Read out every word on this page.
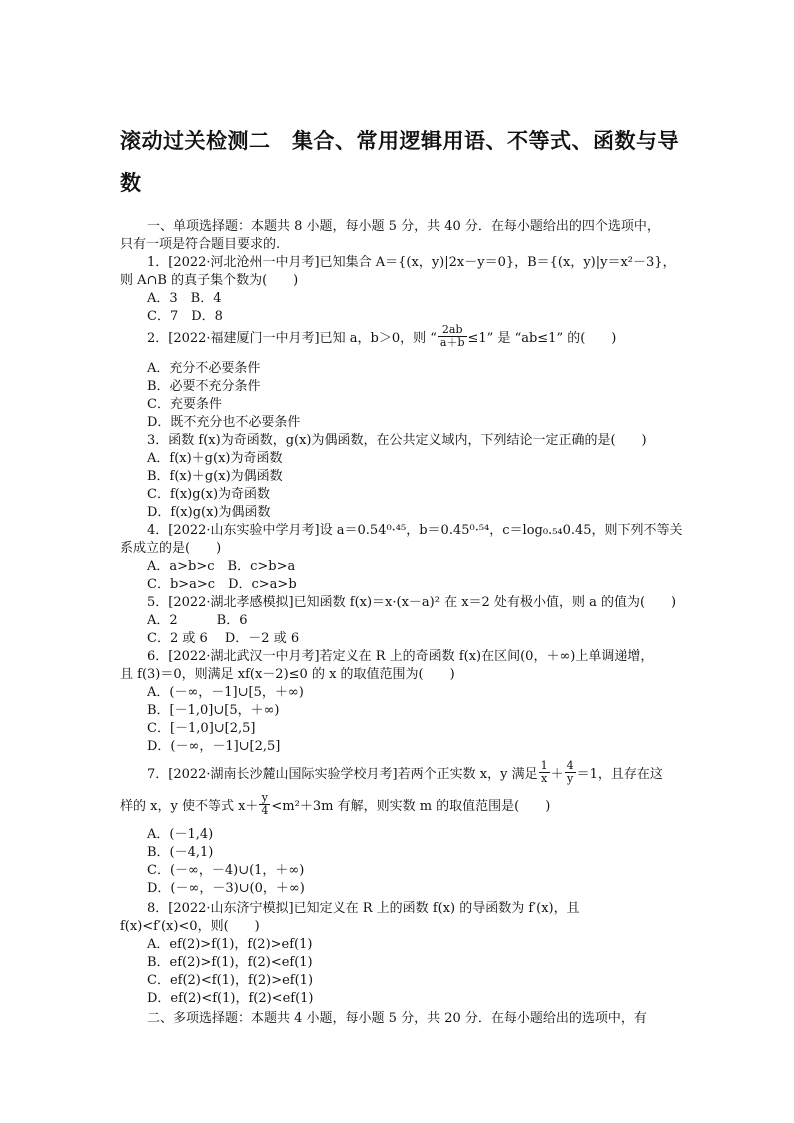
滚动过关检测二　集合、常用逻辑用语、不等式、函数与导数
一、单项选择题：本题共 8 小题，每小题 5 分，共 40 分．在每小题给出的四个选项中，
只有一项是符合题目要求的.
1．[2022·河北沧州一中月考]已知集合 A＝{(x，y)|2x－y＝0}，B＝{(x，y)|y＝x²－3}，
则 A∩B 的真子集个数为(　　)
A．3　B．4
C．7　D．8
2．[2022·福建厦门一中月考]已知 a，b＞0，则 “ $\frac{2ab}{a+b} \le 1$” 是 “ab≤1” 的(　　)
A．充分不必要条件
B．必要不充分条件
C．充要条件
D．既不充分也不必要条件
3．函数 f(x)为奇函数，g(x)为偶函数，在公共定义域内，下列结论一定正确的是(　　)
A．f(x)＋g(x)为奇函数
B．f(x)＋g(x)为偶函数
C．f(x)g(x)为奇函数
D．f(x)g(x)为偶函数
4．[2022·山东实验中学月考]设 a＝0.54⁰·⁴⁵，b＝0.45⁰·⁵⁴，c＝log₀.₅₄0.45，则下列不等关
系成立的是(　　)
A．a>b>c　B．c>b>a
C．b>a>c　D．c>a>b
5．[2022·湖北孝感模拟]已知函数 f(x)＝x·(x－a)² 在 x＝2 处有极小值，则 a 的值为(　　)
A．2　　　B．6
C．2 或 6　 D．－2 或 6
6．[2022·湖北武汉一中月考]若定义在 R 上的奇函数 f(x)在区间(0，＋∞)上单调递增，
且 f(3)＝0，则满足 xf(x－2)≤0 的 x 的取值范围为(　　)
A．(－∞，－1]∪[5，＋∞)
B．[－1,0]∪[5，＋∞)
C．[－1,0]∪[2,5]
D．(－∞，－1]∪[2,5]
7．[2022·湖南长沙麓山国际实验学校月考]若两个正实数 x，y 满足 $\frac{1}{x} + \frac{4}{y} =1$，且存在这
样的 x，y 使不等式 $x+ \frac{y}{4} <m^2+3m$ 有解，则实数 m 的取值范围是(　　)
A．(－1,4)
B．(－4,1)
C．(－∞，－4)∪(1，＋∞)
D．(－∞，－3)∪(0，＋∞)
8．[2022·山东济宁模拟]已知定义在 R 上的函数 f(x) 的导函数为 f′(x)，且
f(x)<f′(x)<0，则(　　)
A．ef(2)>f(1)，f(2)>ef(1)
B．ef(2)>f(1)，f(2)<ef(1)
C．ef(2)<f(1)，f(2)>ef(1)
D．ef(2)<f(1)，f(2)<ef(1)
二、多项选择题：本题共 4 小题，每小题 5 分，共 20 分．在每小题给出的选项中，有
